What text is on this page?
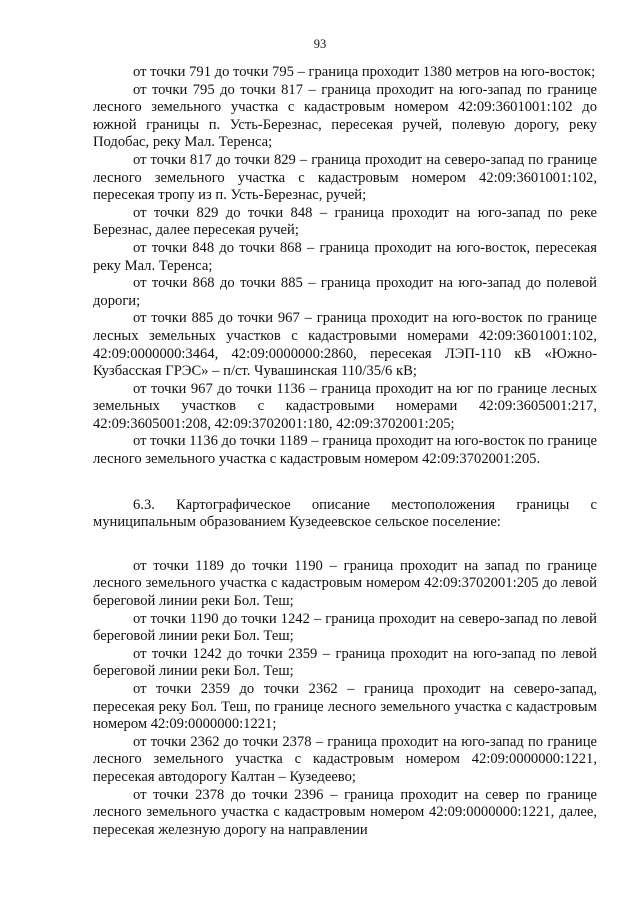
93

от точки 791 до точки 795 – граница проходит 1380 метров на юго-восток;

от точки 795 до точки 817 – граница проходит на юго-запад по границе лесного земельного участка с кадастровым номером 42:09:3601001:102 до южной границы п. Усть-Березнас, пересекая ручей, полевую дорогу, реку Подобас, реку Мал. Теренса;

от точки 817 до точки 829 – граница проходит на северо-запад по границе лесного земельного участка с кадастровым номером 42:09:3601001:102, пересекая тропу из п. Усть-Березнас, ручей;

от точки 829 до точки 848 – граница проходит на юго-запад по реке Березнас, далее пересекая ручей;

от точки 848 до точки 868 – граница проходит на юго-восток, пересекая реку Мал. Теренса;

от точки 868 до точки 885 – граница проходит на юго-запад до полевой дороги;

от точки 885 до точки 967 – граница проходит на юго-восток по границе лесных земельных участков с кадастровыми номерами 42:09:3601001:102, 42:09:0000000:3464, 42:09:0000000:2860, пересекая ЛЭП-110 кВ «Южно-Кузбасская ГРЭС» – п/ст. Чувашинская 110/35/6 кВ;

от точки 967 до точки 1136 – граница проходит на юг по границе лесных земельных участков с кадастровыми номерами 42:09:3605001:217, 42:09:3605001:208, 42:09:3702001:180, 42:09:3702001:205;

от точки 1136 до точки 1189 – граница проходит на юго-восток по границе лесного земельного участка с кадастровым номером 42:09:3702001:205.

6.3. Картографическое описание местоположения границы с муниципальным образованием Кузедеевское сельское поселение:

от точки 1189 до точки 1190 – граница проходит на запад по границе лесного земельного участка с кадастровым номером 42:09:3702001:205 до левой береговой линии реки Бол. Теш;

от точки 1190 до точки 1242 – граница проходит на северо-запад по левой береговой линии реки Бол. Теш;

от точки 1242 до точки 2359 – граница проходит на юго-запад по левой береговой линии реки Бол. Теш;

от точки 2359 до точки 2362 – граница проходит на северо-запад, пересекая реку Бол. Теш, по границе лесного земельного участка с кадастровым номером 42:09:0000000:1221;

от точки 2362 до точки 2378 – граница проходит на юго-запад по границе лесного земельного участка с кадастровым номером 42:09:0000000:1221, пересекая автодорогу Калтан – Кузедеево;

от точки 2378 до точки 2396 – граница проходит на север по границе лесного земельного участка с кадастровым номером 42:09:0000000:1221, далее, пересекая железную дорогу на направлении
